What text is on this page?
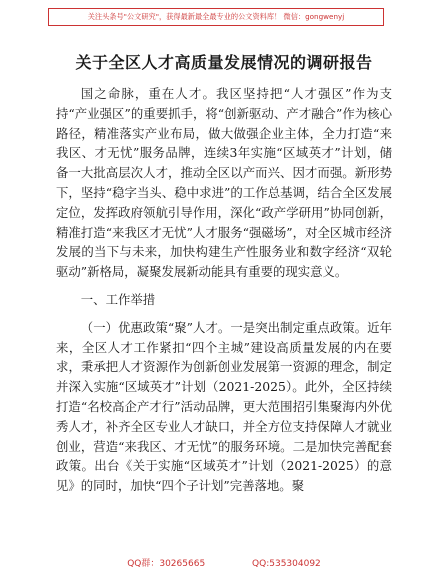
关注头条号"公文研究"，获得最新最全最专业的公文资料库！ 微信：gongwenyj
关于全区人才高质量发展情况的调研报告

国之命脉，重在人才。我区坚持把“人才强区”作为支持“产业强区”的重要抓手，将“创新驱动、产才融合”作为核心路径，精准落实产业布局，做大做强企业主体，全力打造“来我区、才无忧”服务品牌，连续3年实施“区域英才”计划，储备一大批高层次人才，推动全区以产而兴、因才而强。新形势下，坚持“稳字当头、稳中求进”的工作总基调，结合全区发展定位，发挥政府领航引导作用，深化“政产学研用”协同创新，精准打造“来我区才无忧”人才服务“强磁场”，对全区城市经济发展的当下与未来，加快构建生产性服务业和数字经济“双轮驱动”新格局，凝聚发展新动能具有重要的现实意义。

一、工作举措

（一）优惠政策“聚”人才。一是突出制定重点政策。近年来，全区人才工作紧扣“四个主城”建设高质量发展的内在要求，秉承把人才资源作为创新创业发展第一资源的理念，制定并深入实施“区域英才”计划（2021-2025）。此外，全区持续打造“名校高企产才行”活动品牌，更大范围招引集聚海内外优秀人才，补齐全区专业人才缺口，并全方位支持保障人才就业创业，营造“来我区、才无忧”的服务环境。二是加快完善配套政策。出台《关于实施“区域英才”计划（2021-2025）的意见》的同时，加快“四个子计划”完善落地。聚

QQ群：30265665	QQ:535304092
